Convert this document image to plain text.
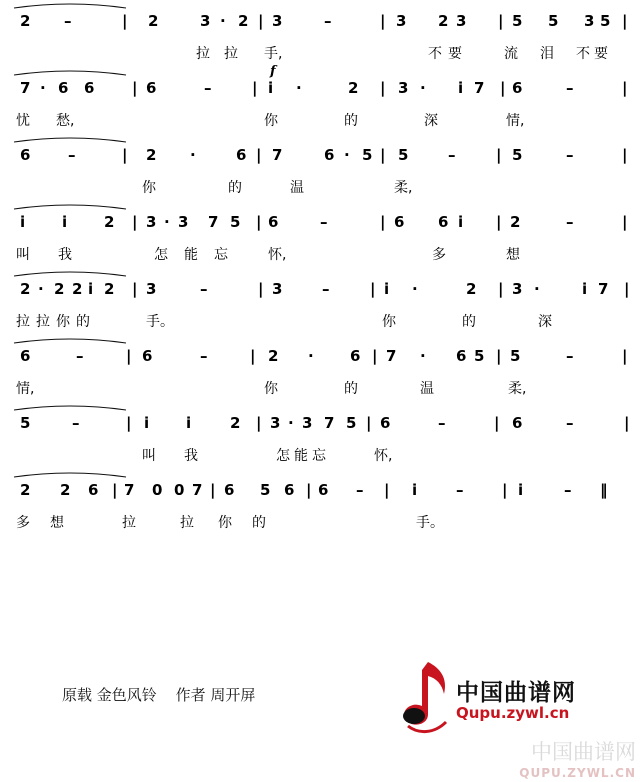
2 –	| 2	3 · 2 | 3	–	| 3 2 3 | 5 5 3 5 |
拉 拉 手,	不 要	流 泪 不 要
f
7 · 6 6	| 6	–	| i ·	2 | 3 · i 7 | 6	–	|
忧 愁,	你	的	深	情,
6	–	| 2 ·	6 | 7	6 · 5 | 5	–	| 5	–	|
你	的	温	柔,
i i 2 | 3 · 3 7 5 | 6	–	| 6 6 i | 2	–	|
叫 我	怎 能 忘	怀,	多	想
2 · 2 2 i 2 | 3	–	| 3	–	| i ·	2 | 3 ·	i 7 |
拉 拉 你 的	手。	你	的	深
6	–	| 6	–	| 2 · 6 | 7 · 6 5 | 5	–	|
情,	你	的	温	柔,
5	–	| i i	2 | 3 · 3 7 5 | 6	–	| 6	–	|
叫 我	怎 能 忘	怀,
2 2 6 | 7 0 0 7 | 6 5 6 | 6 – | i	–	| i	– ‖
多 想	拉	拉 你 的	手。
原载 金色风铃 作者 周开屏	中国曲谱网
Qupu.zywl.cn
中国曲谱网
QUPU.ZYWL.CN
